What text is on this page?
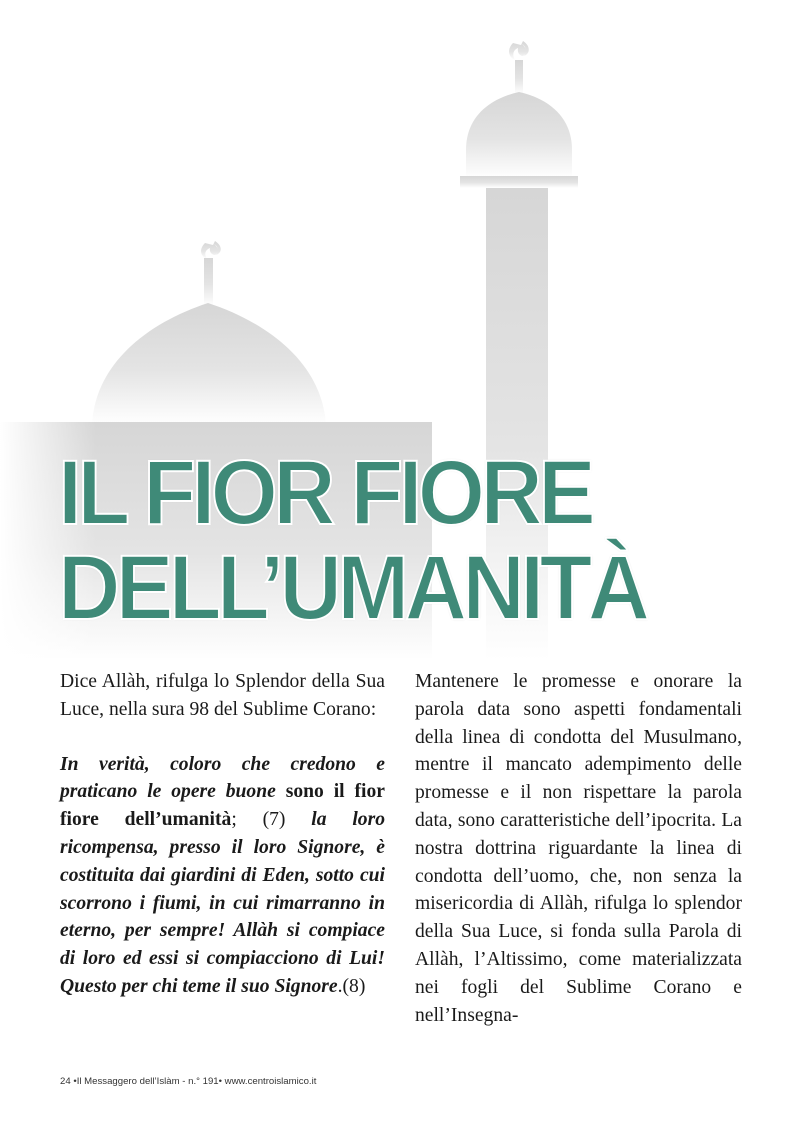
IL FIOR FIORE
DELL’UMANITÀ

Dice Allàh, rifulga lo Splendor della Sua Luce, nella sura 98 del Sublime Corano:

In verità, coloro che credono e praticano le opere buone sono il fior fiore dell’umanità; (7) la loro ricompensa, presso il loro Signore, è costituita dai giardini di Eden, sotto cui scorrono i fiumi, in cui rimarranno in eterno, per sempre! Allàh si compiace di loro ed essi si compiacciono di Lui! Questo per chi teme il suo Signore.(8)

Mantenere le promesse e onorare la parola data sono aspetti fondamentali della linea di condotta del Musulmano, mentre il mancato adempimento delle promesse e il non rispettare la parola data, sono caratteristiche dell’ipocrita. La nostra dottrina riguardante la linea di condotta dell’uomo, che, non senza la misericordia di Allàh, rifulga lo splendor della Sua Luce, si fonda sulla Parola di Allàh, l’Altissimo, come materializzata nei fogli del Sublime Corano e nell’Insegna-

24 •Il Messaggero dell’Islàm - n.° 191• www.centroislamico.it
